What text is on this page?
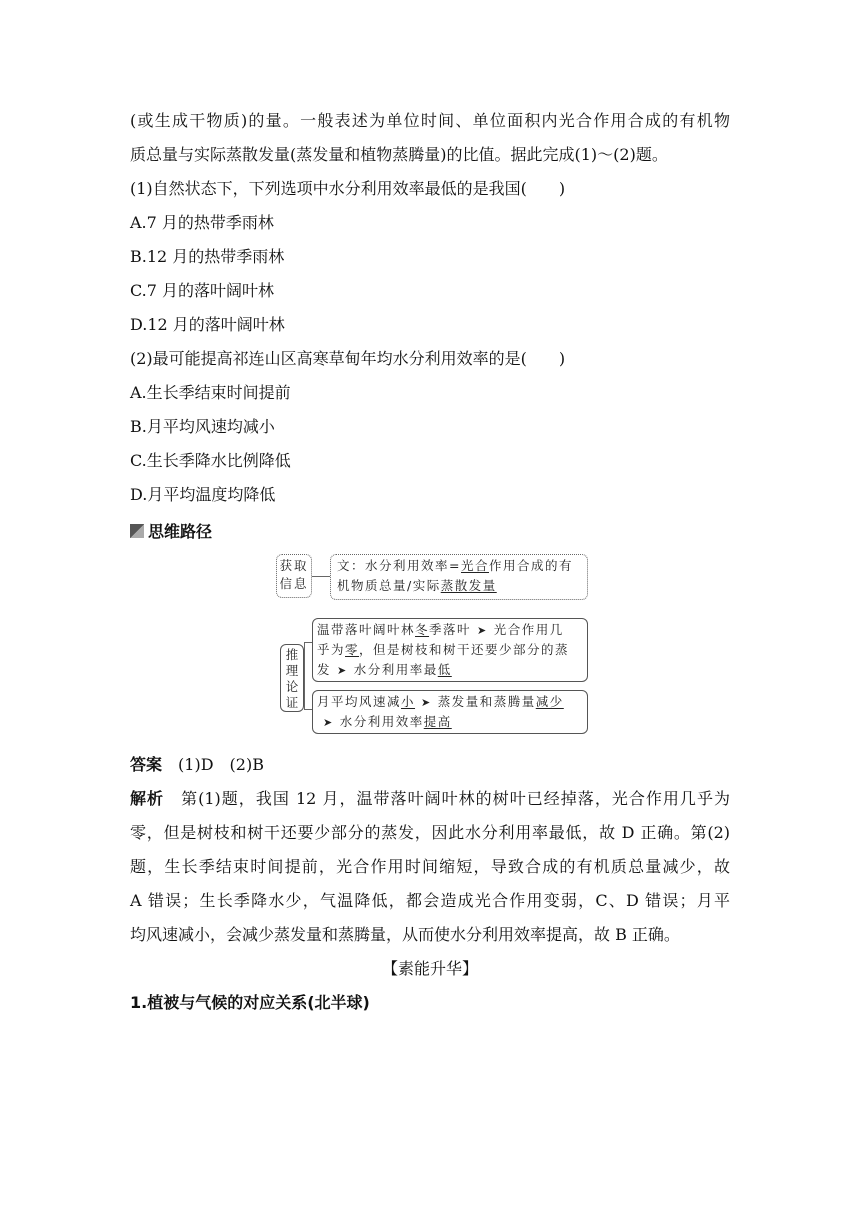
(或生成干物质)的量。一般表述为单位时间、单位面积内光合作用合成的有机物
质总量与实际蒸散发量(蒸发量和植物蒸腾量)的比值。据此完成(1)～(2)题。
(1)自然状态下，下列选项中水分利用效率最低的是我国(　　)
A.7 月的热带季雨林
B.12 月的热带季雨林
C.7 月的落叶阔叶林
D.12 月的落叶阔叶林
(2)最可能提高祁连山区高寒草甸年均水分利用效率的是(　　)
A.生长季结束时间提前
B.月平均风速均减小
C.生长季降水比例降低
D.月平均温度均降低
思维路径
答案　 (1)D　(2)B
解析　 第(1)题，我国 12 月，温带落叶阔叶林的树叶已经掉落，光合作用几乎为
零，但是树枝和树干还要少部分的蒸发，因此水分利用率最低，故 D 正确。第(2)
题，生长季结束时间提前，光合作用时间缩短，导致合成的有机质总量减少，故
A 错误；生长季降水少，气温降低，都会造成光合作用变弱，C、D 错误；月平
均风速减小，会减少蒸发量和蒸腾量，从而使水分利用效率提高，故 B 正确。
【素能升华】
1.植被与气候的对应关系(北半球)
获取信息
文：水分利用效率=光合作用合成的有
机物质总量/实际蒸散发量
推理论证
温带落叶阔叶林冬季落叶 ➤ 光合作用几
乎为零，但是树枝和树干还要少部分的蒸
发 ➤ 水分利用率最低
月平均风速减小 ➤ 蒸发量和蒸腾量减少
➤ 水分利用效率提高
